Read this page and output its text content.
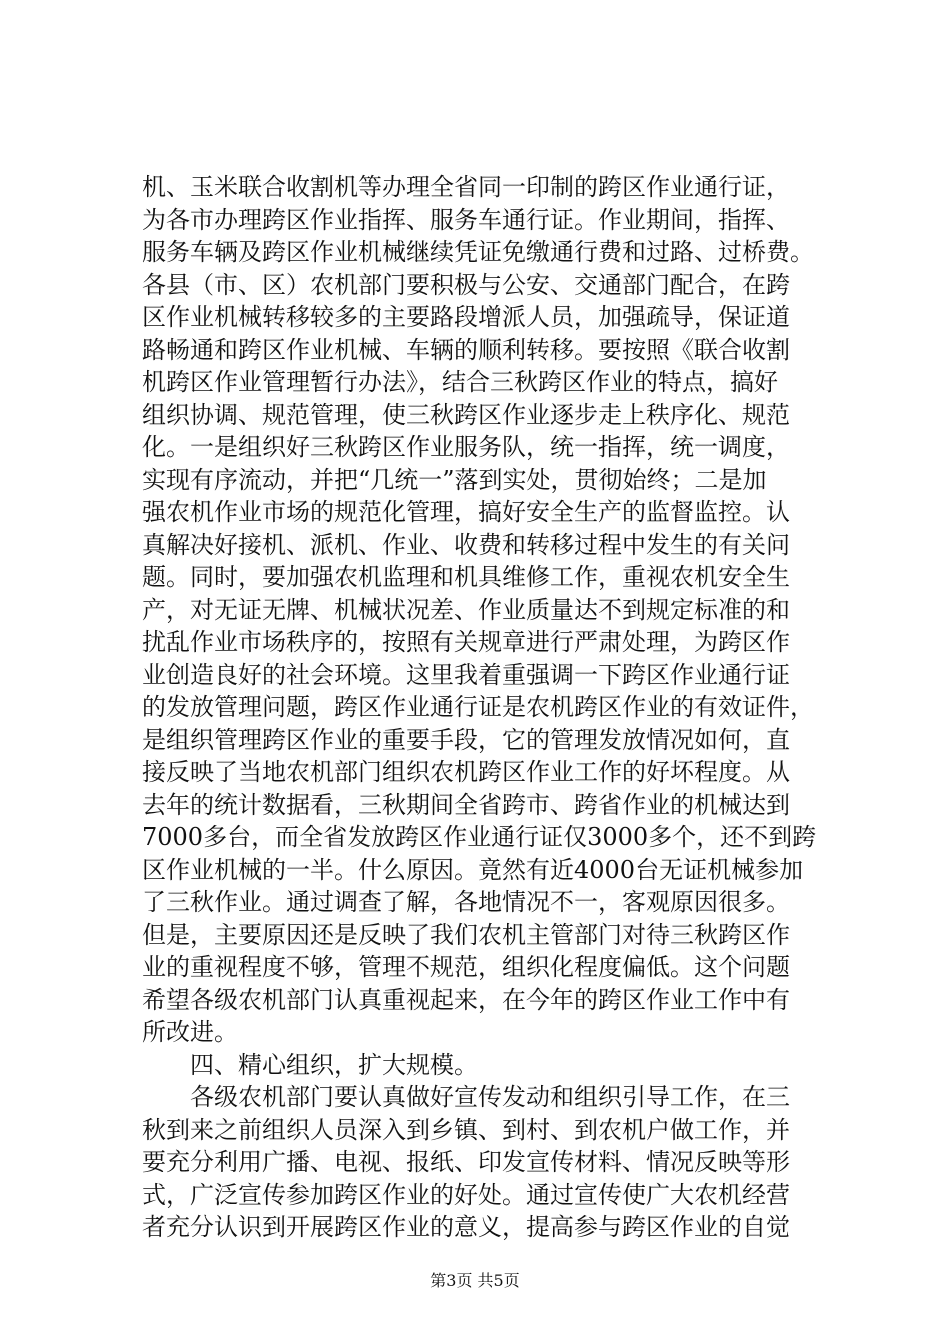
机、玉米联合收割机等办理全省同一印制的跨区作业通行证，
为各市办理跨区作业指挥、服务车通行证。作业期间，指挥、
服务车辆及跨区作业机械继续凭证免缴通行费和过路、过桥费。
各县（市、区）农机部门要积极与公安、交通部门配合，在跨
区作业机械转移较多的主要路段增派人员，加强疏导，保证道
路畅通和跨区作业机械、车辆的顺利转移。要按照《联合收割
机跨区作业管理暂行办法》，结合三秋跨区作业的特点，搞好
组织协调、规范管理，使三秋跨区作业逐步走上秩序化、规范
化。一是组织好三秋跨区作业服务队，统一指挥，统一调度，
实现有序流动，并把“几统一”落到实处，贯彻始终；二是加
强农机作业市场的规范化管理，搞好安全生产的监督监控。认
真解决好接机、派机、作业、收费和转移过程中发生的有关问
题。同时，要加强农机监理和机具维修工作，重视农机安全生
产，对无证无牌、机械状况差、作业质量达不到规定标准的和
扰乱作业市场秩序的，按照有关规章进行严肃处理，为跨区作
业创造良好的社会环境。这里我着重强调一下跨区作业通行证
的发放管理问题，跨区作业通行证是农机跨区作业的有效证件，
是组织管理跨区作业的重要手段，它的管理发放情况如何，直
接反映了当地农机部门组织农机跨区作业工作的好坏程度。从
去年的统计数据看，三秋期间全省跨市、跨省作业的机械达到
7000多台，而全省发放跨区作业通行证仅3000多个，还不到跨
区作业机械的一半。什么原因。竟然有近4000台无证机械参加
了三秋作业。通过调查了解，各地情况不一，客观原因很多。
但是，主要原因还是反映了我们农机主管部门对待三秋跨区作
业的重视程度不够，管理不规范，组织化程度偏低。这个问题
希望各级农机部门认真重视起来，在今年的跨区作业工作中有
所改进。
　　四、精心组织，扩大规模。
　　各级农机部门要认真做好宣传发动和组织引导工作，在三
秋到来之前组织人员深入到乡镇、到村、到农机户做工作，并
要充分利用广播、电视、报纸、印发宣传材料、情况反映等形
式，广泛宣传参加跨区作业的好处。通过宣传使广大农机经营
者充分认识到开展跨区作业的意义，提高参与跨区作业的自觉
第3页 共5页
